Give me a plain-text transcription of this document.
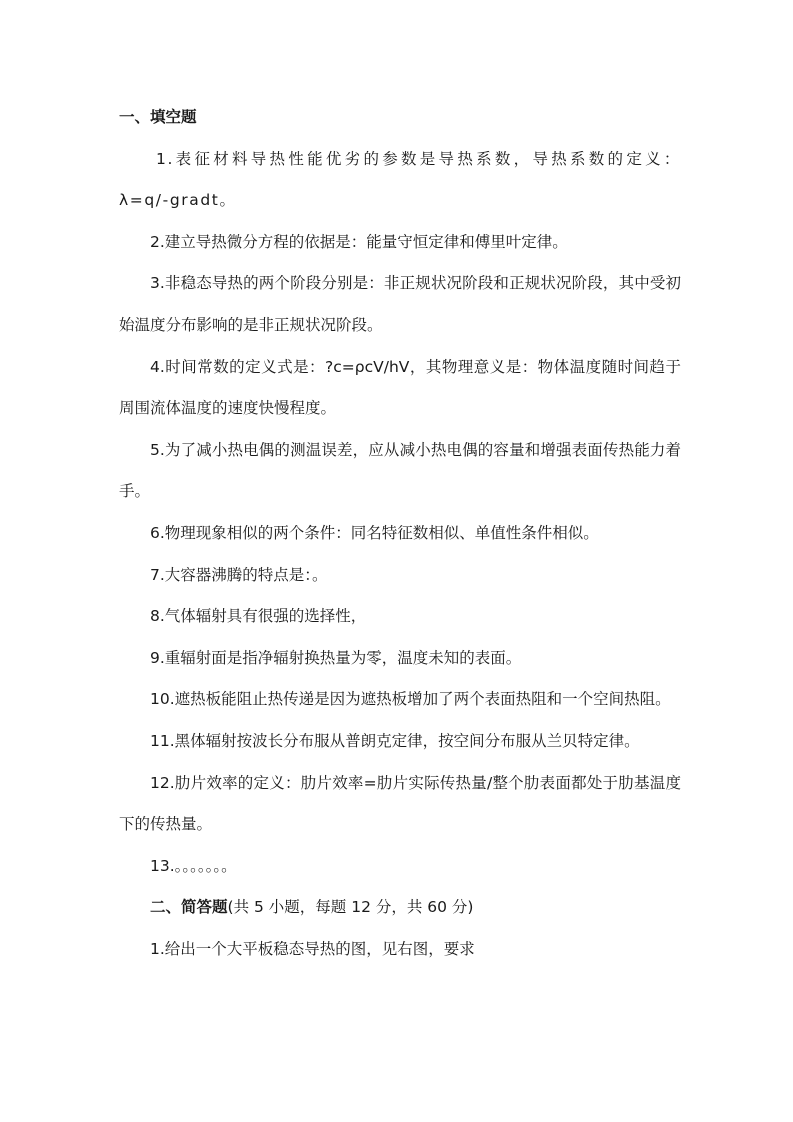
一、填空题

1.表征材料导热性能优劣的参数是导热系数，导热系数的定义：λ=q/-gradt。

2.建立导热微分方程的依据是：能量守恒定律和傅里叶定律。

3.非稳态导热的两个阶段分别是：非正规状况阶段和正规状况阶段，其中受初始温度分布影响的是非正规状况阶段。

4.时间常数的定义式是：?c=ρcV/hV，其物理意义是：物体温度随时间趋于周围流体温度的速度快慢程度。

5.为了减小热电偶的测温误差，应从减小热电偶的容量和增强表面传热能力着手。

6.物理现象相似的两个条件：同名特征数相似、单值性条件相似。

7.大容器沸腾的特点是：。

8.气体辐射具有很强的选择性，

9.重辐射面是指净辐射换热量为零，温度未知的表面。

10.遮热板能阻止热传递是因为遮热板增加了两个表面热阻和一个空间热阻。

11.黑体辐射按波长分布服从普朗克定律，按空间分布服从兰贝特定律。

12.肋片效率的定义：肋片效率=肋片实际传热量/整个肋表面都处于肋基温度下的传热量。

13.。。。。。。。

二、简答题(共 5 小题，每题 12 分，共 60 分)

1.给出一个大平板稳态导热的图，见右图，要求
